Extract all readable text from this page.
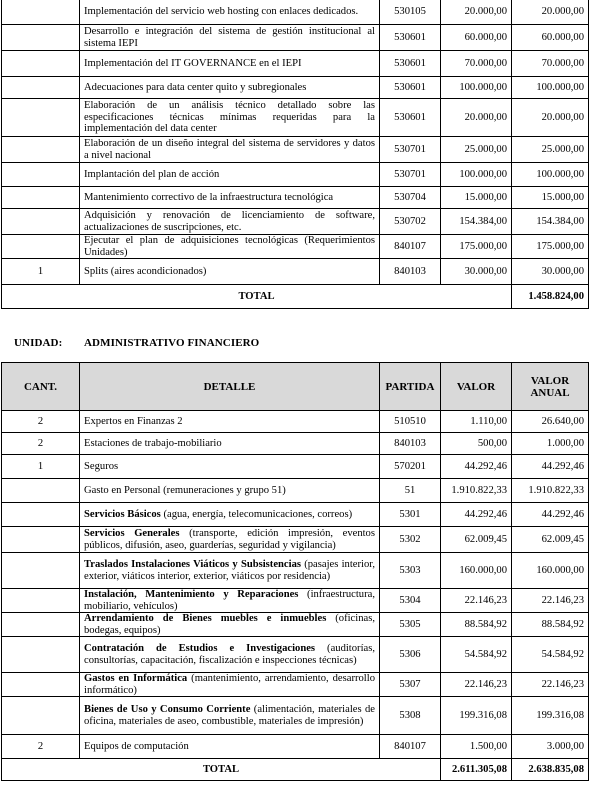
	Implementación del servicio web hosting con enlaces dedicados.	530105	20.000,00	20.000,00
	Desarrollo e integración del sistema de gestión institucional al sistema IEPI	530601	60.000,00	60.000,00
	Implementación del IT GOVERNANCE en el IEPI	530601	70.000,00	70.000,00
	Adecuaciones para data center quito y subregionales	530601	100.000,00	100.000,00
	Elaboración de un análisis técnico detallado sobre las especificaciones técnicas mínimas requeridas para la implementación del data center	530601	20.000,00	20.000,00
	Elaboración de un diseño integral del sistema de servidores y datos a nivel nacional	530701	25.000,00	25.000,00
	Implantación del plan de acción	530701	100.000,00	100.000,00
	Mantenimiento correctivo de la infraestructura tecnológica	530704	15.000,00	15.000,00
	Adquisición y renovación de licenciamiento de software, actualizaciones de suscripciones, etc.	530702	154.384,00	154.384,00
	Ejecutar el plan de adquisiciones tecnológicas (Requerimientos Unidades)	840107	175.000,00	175.000,00
1	Splits (aires acondicionados)	840103	30.000,00	30.000,00
TOTAL				1.458.824,00
UNIDAD: ADMINISTRATIVO FINANCIERO
CANT.	DETALLE	PARTIDA	VALOR	VALOR ANUAL
2	Expertos en Finanzas 2	510510	1.110,00	26.640,00
2	Estaciones de trabajo-mobiliario	840103	500,00	1.000,00
1	Seguros	570201	44.292,46	44.292,46
	Gasto en Personal (remuneraciones y grupo 51)	51	1.910.822,33	1.910.822,33
	Servicios Básicos (agua, energía, telecomunicaciones, correos)	5301	44.292,46	44.292,46
	Servicios Generales (transporte, edición impresión, eventos públicos, difusión, aseo, guarderías, seguridad y vigilancia)	5302	62.009,45	62.009,45
	Traslados Instalaciones Viáticos y Subsistencias (pasajes interior, exterior, viáticos interior, exterior, viáticos por residencia)	5303	160.000,00	160.000,00
	Instalación, Mantenimiento y Reparaciones (infraestructura, mobiliario, vehículos)	5304	22.146,23	22.146,23
	Arrendamiento de Bienes muebles e inmuebles (oficinas, bodegas, equipos)	5305	88.584,92	88.584,92
	Contratación de Estudios e Investigaciones (auditorías, consultorías, capacitación, fiscalización e inspecciones técnicas)	5306	54.584,92	54.584,92
	Gastos en Informática (mantenimiento, arrendamiento, desarrollo informático)	5307	22.146,23	22.146,23
	Bienes de Uso y Consumo Corriente (alimentación, materiales de oficina, materiales de aseo, combustible, materiales de impresión)	5308	199.316,08	199.316,08
2	Equipos de computación	840107	1.500,00	3.000,00
TOTAL			2.611.305,08	2.638.835,08
